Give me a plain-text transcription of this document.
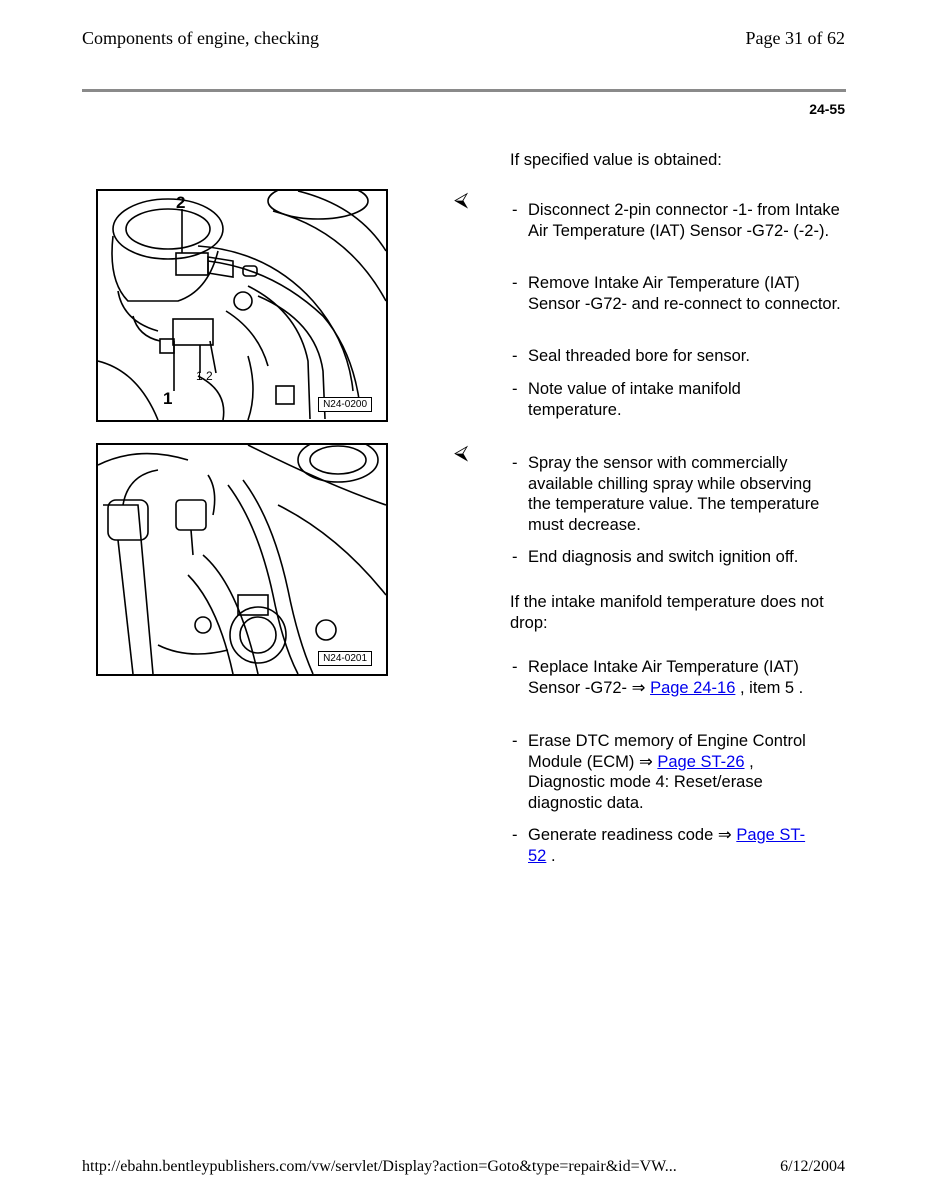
Components of engine, checking	Page 31 of 62
24-55
If specified value is obtained:
2
1
1 2
N24-0200
⮘	- Disconnect 2-pin connector -1- from Intake Air Temperature (IAT) Sensor -G72- (-2-).
- Remove Intake Air Temperature (IAT) Sensor -G72- and re-connect to connector.
- Seal threaded bore for sensor.
- Note value of intake manifold temperature.
N24-0201
⮘	- Spray the sensor with commercially available chilling spray while observing the temperature value. The temperature must decrease.
- End diagnosis and switch ignition off.
If the intake manifold temperature does not drop:
- Replace Intake Air Temperature (IAT) Sensor -G72- ⇒ Page 24-16 , item 5 .
- Erase DTC memory of Engine Control Module (ECM) ⇒ Page ST-26 , Diagnostic mode 4: Reset/erase diagnostic data.
- Generate readiness code ⇒ Page ST-52 .
http://ebahn.bentleypublishers.com/vw/servlet/Display?action=Goto&type=repair&id=VW...	6/12/2004
